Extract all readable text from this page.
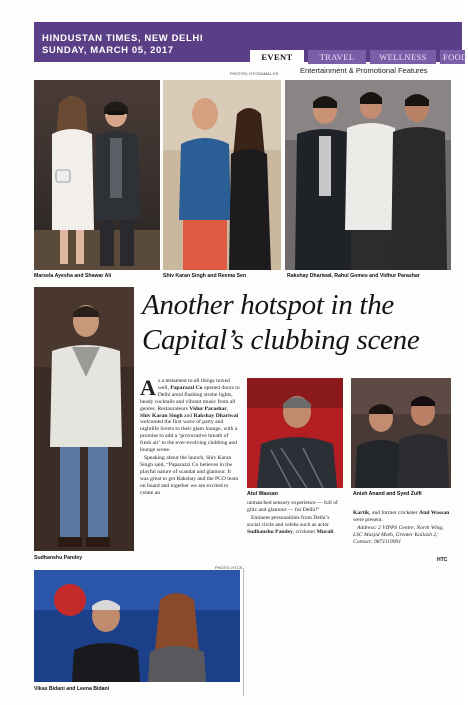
HINDUSTAN TIMES, NEW DELHI
SUNDAY, MARCH 05, 2017
EVENT	TRAVEL	WELLNESS	FOOD
PHOTOS: HTCS/AMAL KS	Entertainment & Promotional Features
Marsela Ayesha and Shawar Ali	Shiv Karan Singh and Reema Sen	Rakshay Dhariwal, Rahul Gomes and Vidhur Parashar
Sudhanshu Pandey
Another hotspot in the
Capital’s clubbing scene

As a testament to all things mixed well, Paparazzi Co opened doors to Delhi amid flashing strobe lights, heady cocktails and vibrant music from all genres. Restaurateurs Vidur Parashar, Shiv Karan Singh and Rakshay Dhariwal welcomed the first wave of party and nightlife lovers to their glam lounge, with a promise to add a ‘provocative breath of fresh air’ to the ever-evolving clubbing and lounge scene.

Speaking about the launch, Shiv Karan Singh said, “Paparazzi Co believes in the playful nature of scandal and glamour. It was great to get Rakshay and the PCO team on board and together we are excited to create an	Atul Wassan	Anish Anand and Syed Zulfi

unmatched sensory experience — full of glitz and glamour — for Delhi!”

Eminent personalities from Delhi’s social circle and celebs such as actor Sudhanshu Pandey, cricketer Murali

Kartik, and former cricketer Atul Wassan were present.

Address: 2 VIPPS Centre, North Wing, LSC Masjid Moth, Greater Kailash 2; Contact: 9871119991

HTC
PHOTO: HTCS
Vikas Bidani and Leena Bidani
